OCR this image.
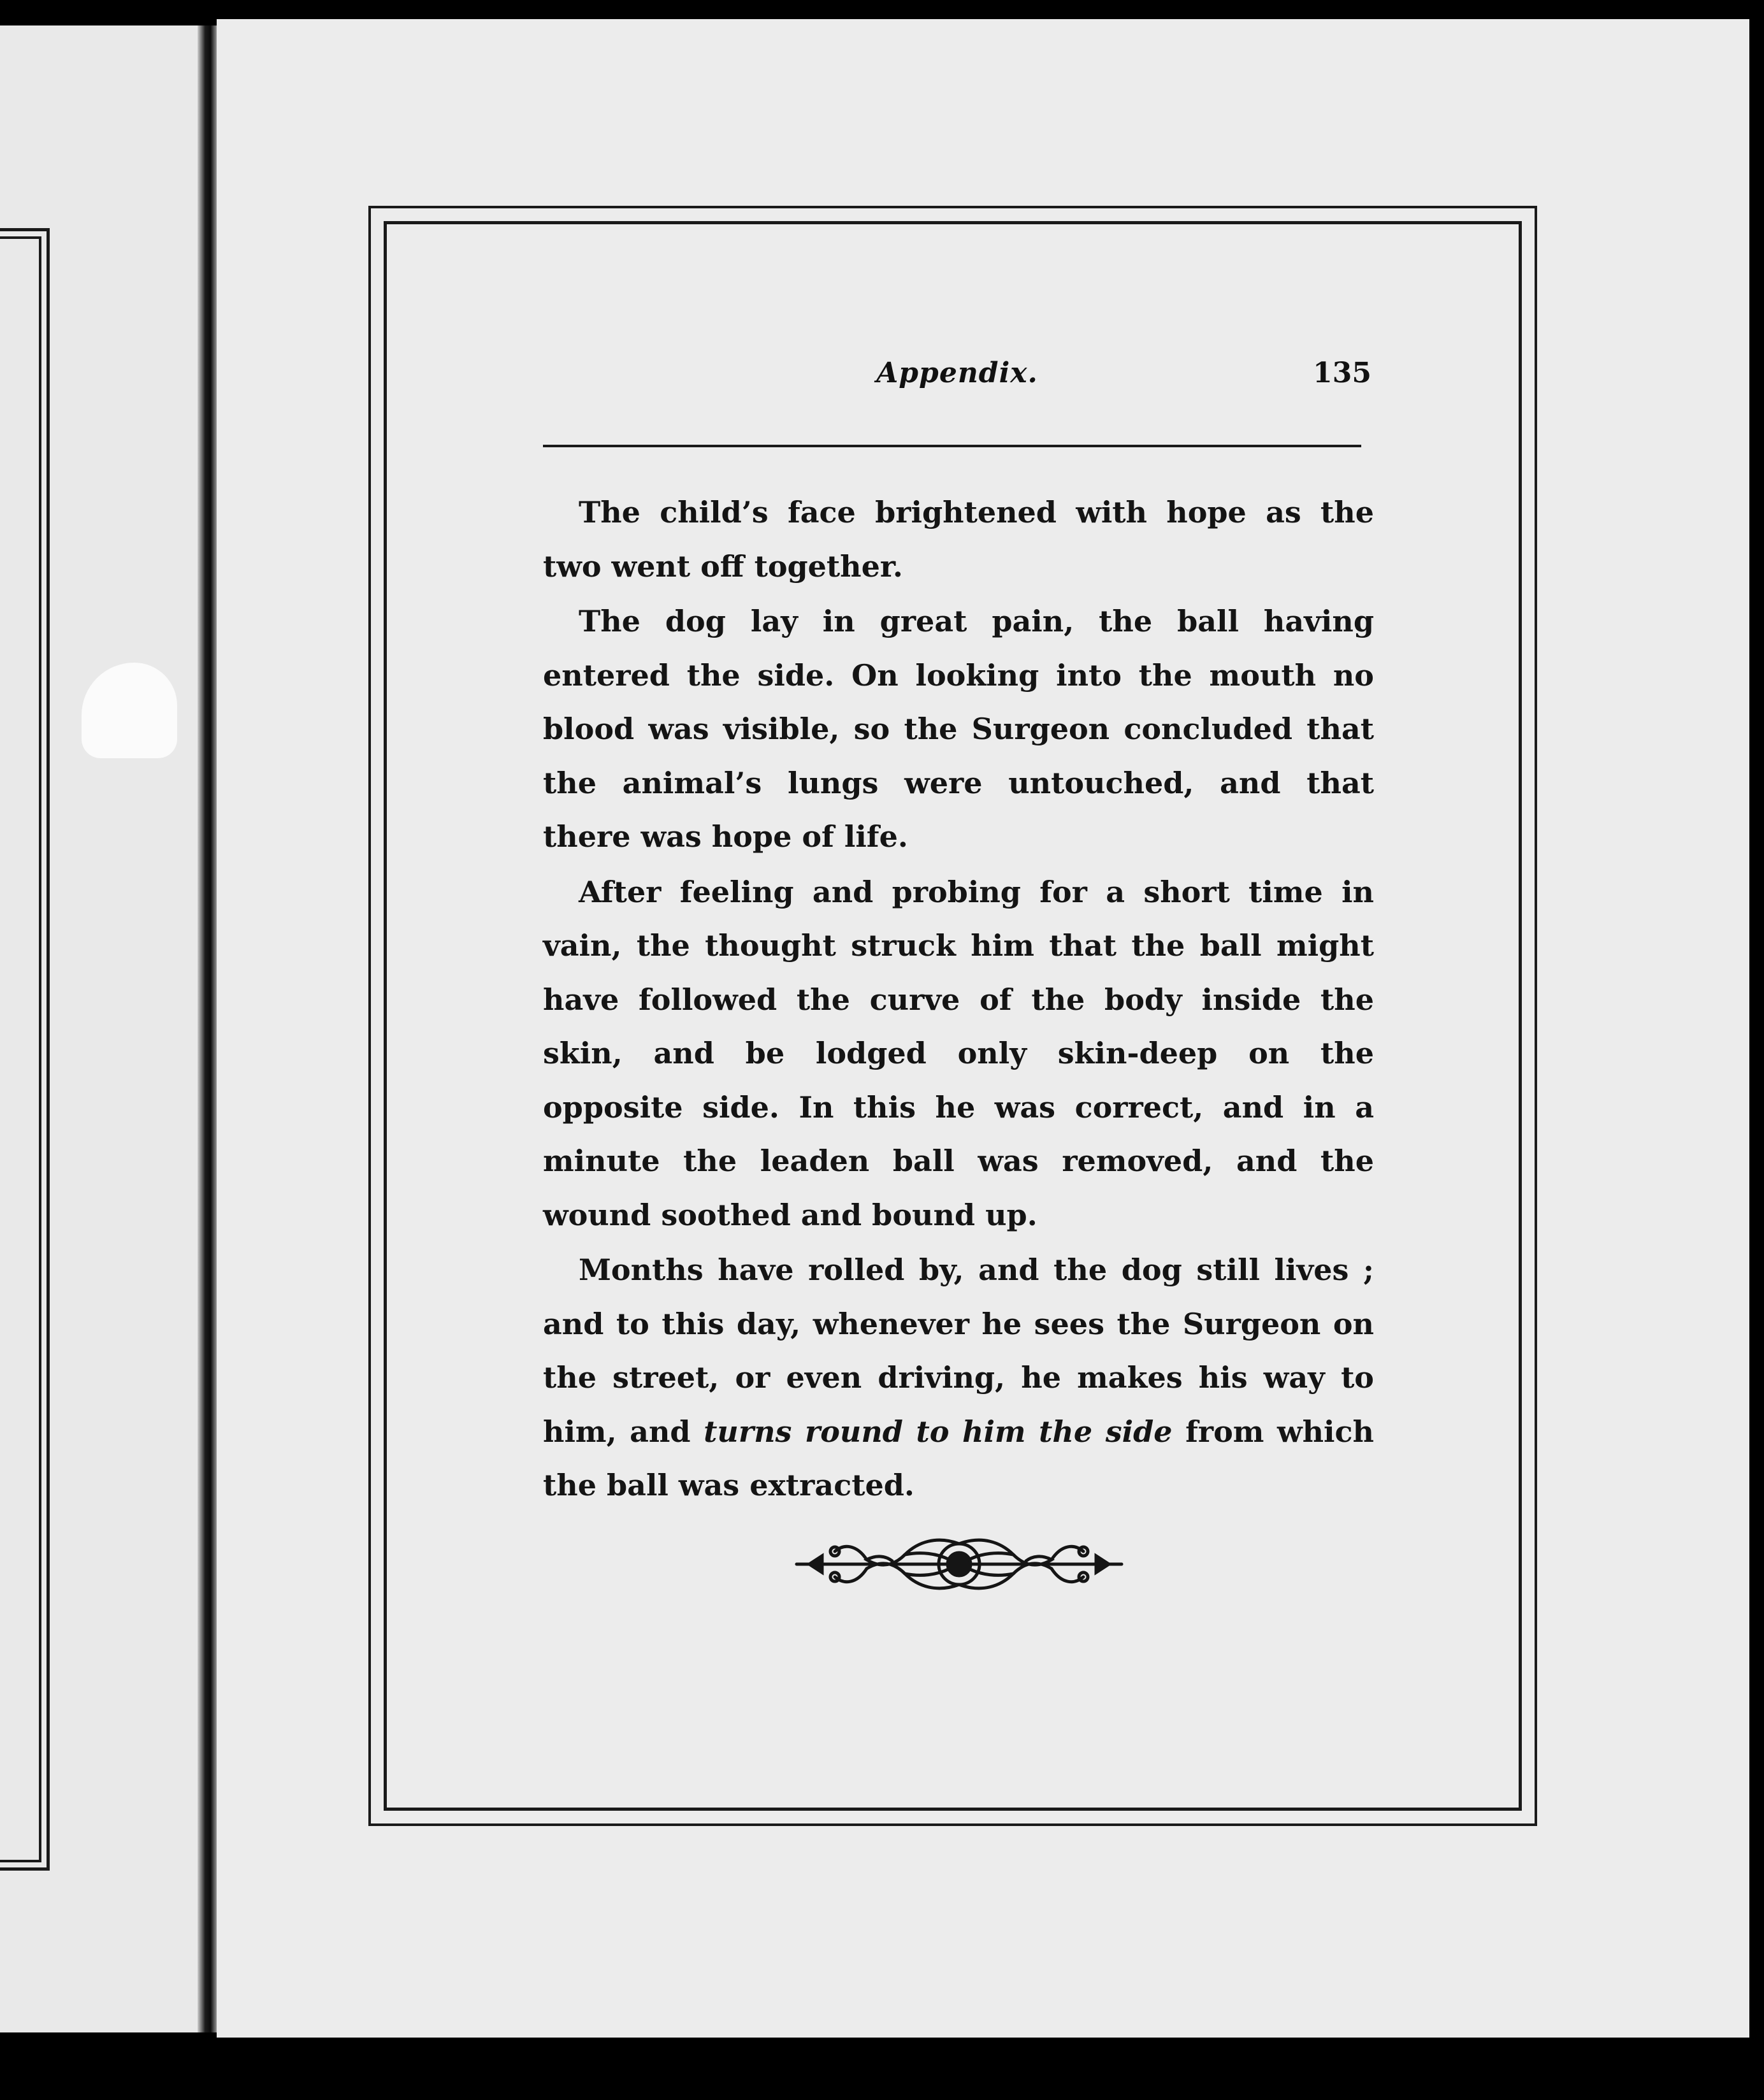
Appendix.	135

The child’s face brightened with hope as the two went off together.

The dog lay in great pain, the ball having entered the side. On looking into the mouth no blood was visible, so the Surgeon concluded that the animal’s lungs were untouched, and that there was hope of life.

After feeling and probing for a short time in vain, the thought struck him that the ball might have followed the curve of the body inside the skin, and be lodged only skin-deep on the opposite side. In this he was correct, and in a minute the leaden ball was removed, and the wound soothed and bound up.

Months have rolled by, and the dog still lives ; and to this day, whenever he sees the Surgeon on the street, or even driving, he makes his way to him, and turns round to him the side from which the ball was extracted.
